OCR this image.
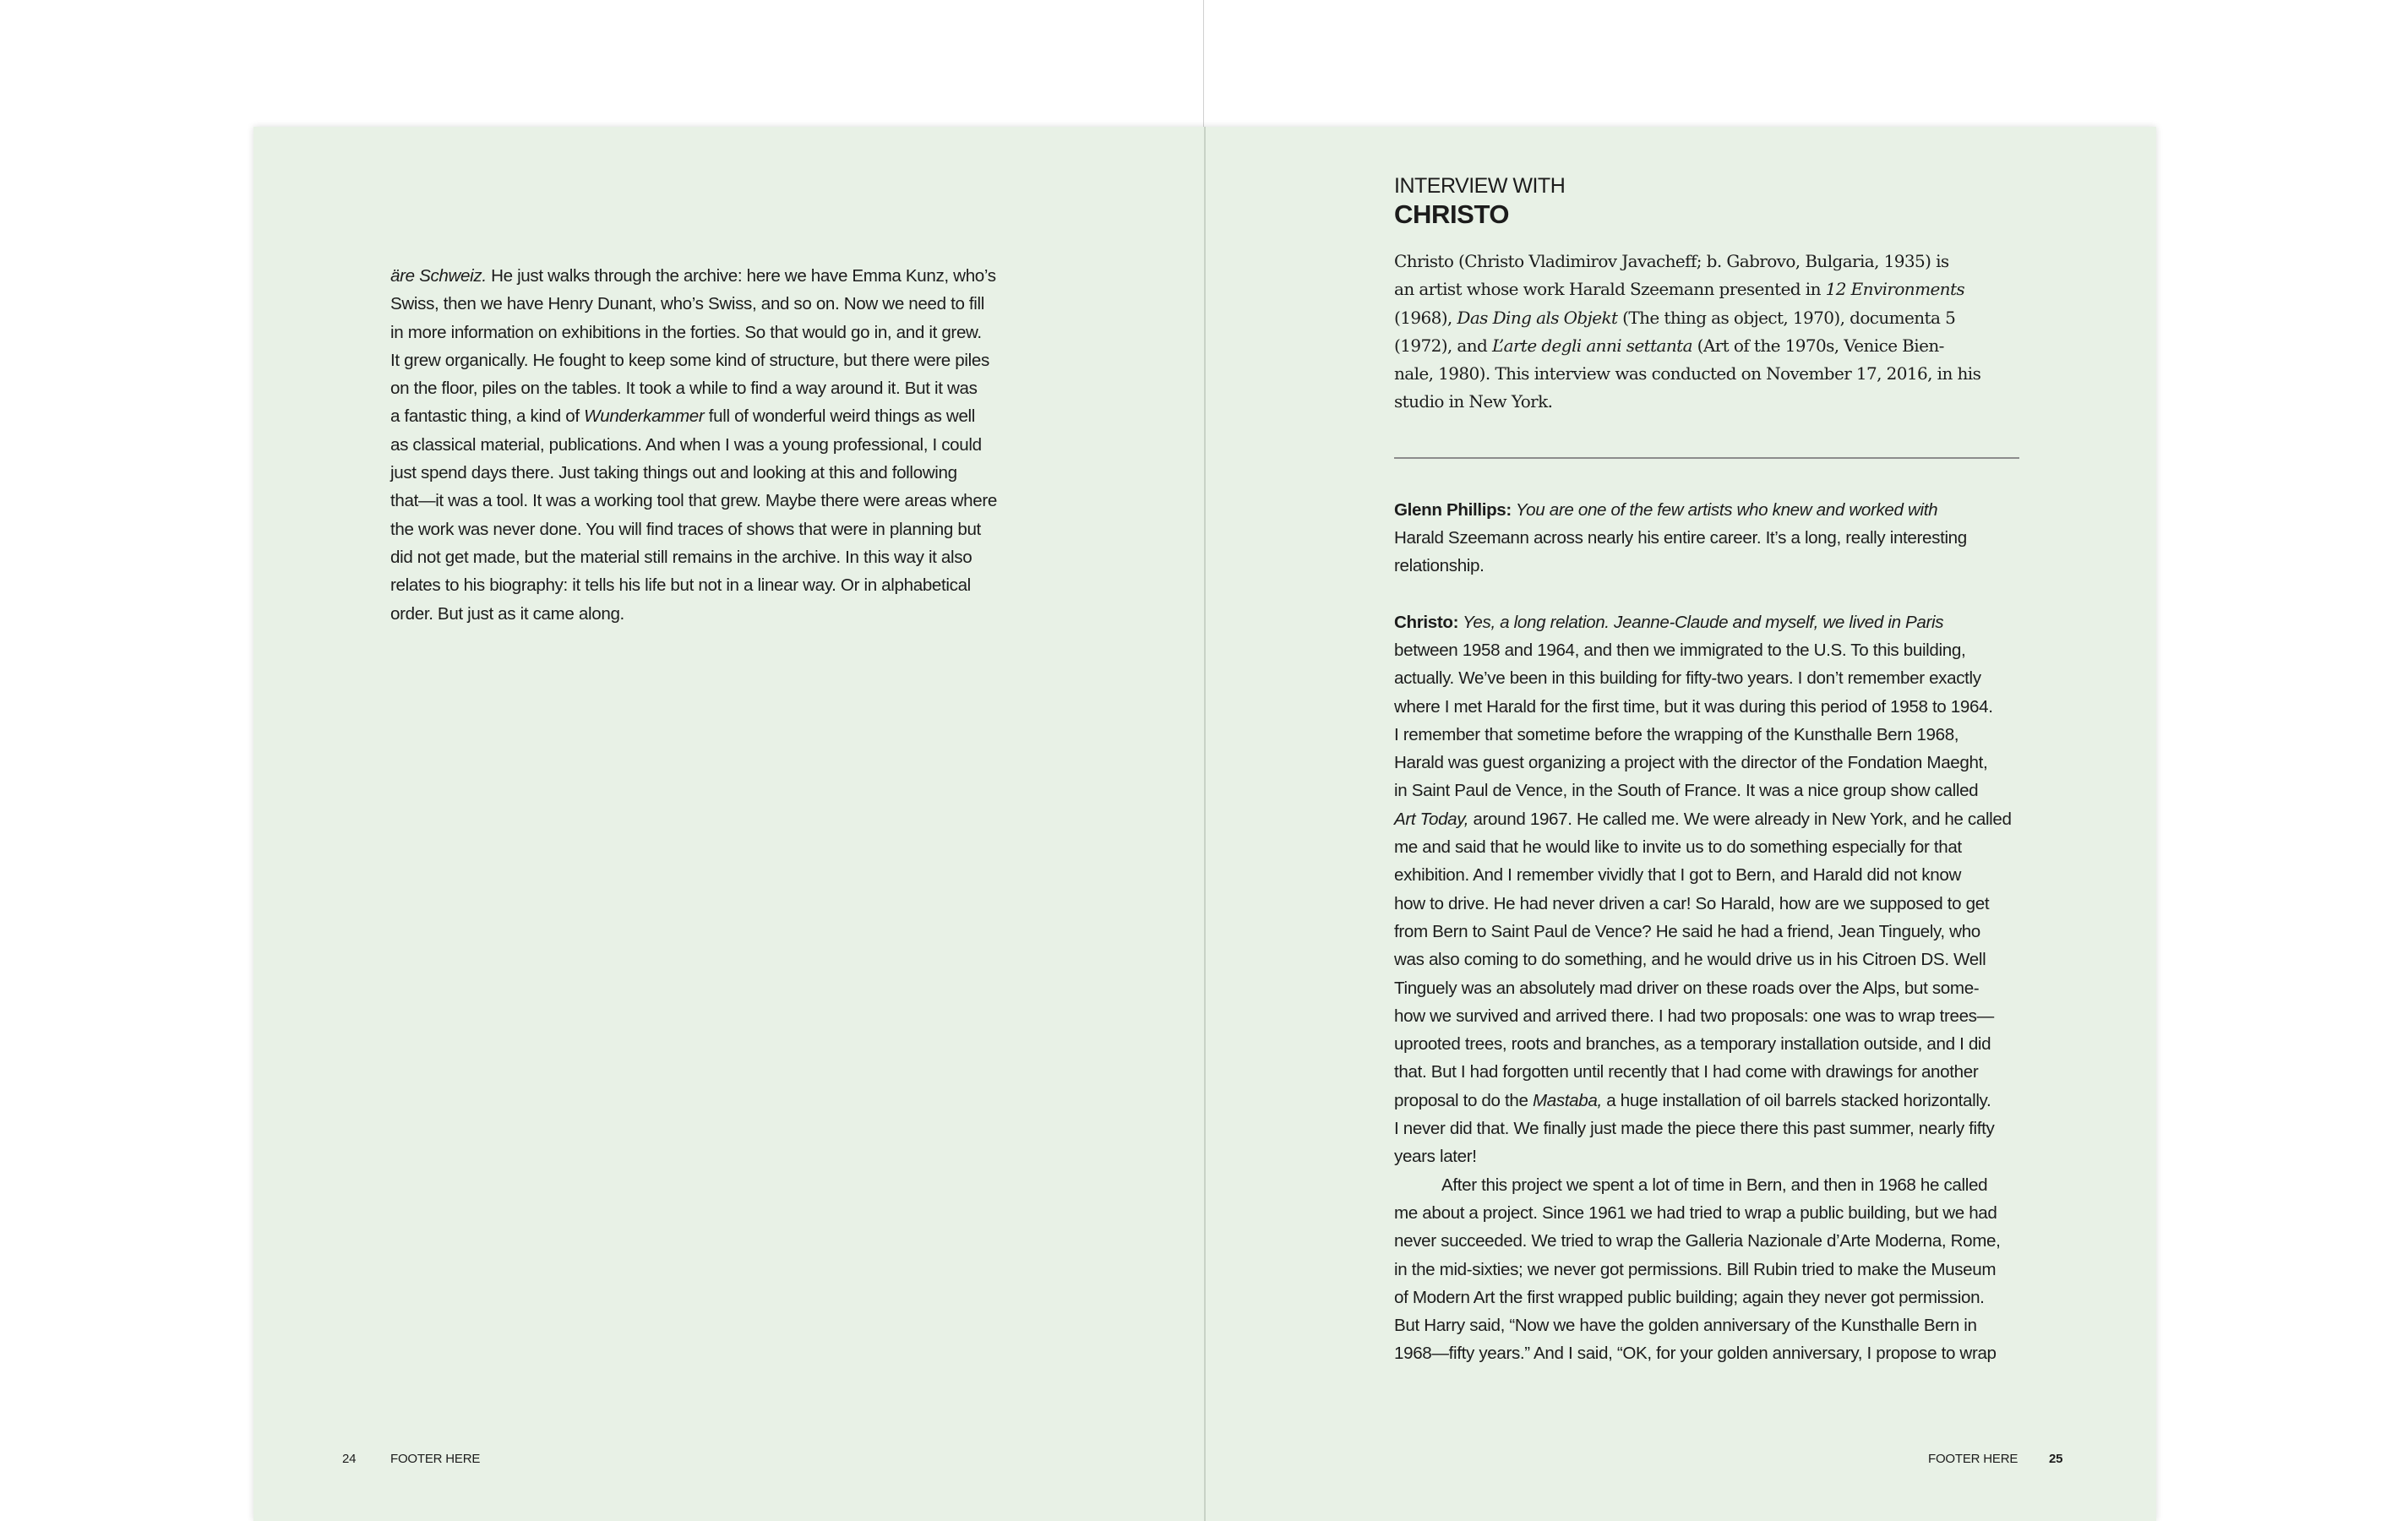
äre Schweiz. He just walks through the archive: here we have Emma Kunz, who’s
Swiss, then we have Henry Dunant, who’s Swiss, and so on. Now we need to fill
in more information on exhibitions in the forties. So that would go in, and it grew.
It grew organically. He fought to keep some kind of structure, but there were piles
on the floor, piles on the tables. It took a while to find a way around it. But it was
a fantastic thing, a kind of Wunderkammer full of wonderful weird things as well
as classical material, publications. And when I was a young professional, I could
just spend days there. Just taking things out and looking at this and following
that—it was a tool. It was a working tool that grew. Maybe there were areas where
the work was never done. You will find traces of shows that were in planning but
did not get made, but the material still remains in the archive. In this way it also
relates to his biography: it tells his life but not in a linear way. Or in alphabetical
order. But just as it came along.

24	FOOTER HERE

INTERVIEW WITH

CHRISTO

Christo (Christo Vladimirov Javacheff; b. Gabrovo, Bulgaria, 1935) is
an artist whose work Harald Szeemann presented in 12 Environments
(1968), Das Ding als Objekt (The thing as object, 1970), documenta 5
(1972), and L’arte degli anni settanta (Art of the 1970s, Venice Bien-
nale, 1980). This interview was conducted on November 17, 2016, in his
studio in New York.

Glenn Phillips: You are one of the few artists who knew and worked with
Harald Szeemann across nearly his entire career. It’s a long, really interesting
relationship.

Christo: Yes, a long relation. Jeanne-Claude and myself, we lived in Paris
between 1958 and 1964, and then we immigrated to the U.S. To this building,
actually. We’ve been in this building for fifty-two years. I don’t remember exactly
where I met Harald for the first time, but it was during this period of 1958 to 1964.
I remember that sometime before the wrapping of the Kunsthalle Bern 1968,
Harald was guest organizing a project with the director of the Fondation Maeght,
in Saint Paul de Vence, in the South of France. It was a nice group show called
Art Today, around 1967. He called me. We were already in New York, and he called
me and said that he would like to invite us to do something especially for that
exhibition. And I remember vividly that I got to Bern, and Harald did not know
how to drive. He had never driven a car! So Harald, how are we supposed to get
from Bern to Saint Paul de Vence? He said he had a friend, Jean Tinguely, who
was also coming to do something, and he would drive us in his Citroen DS. Well
Tinguely was an absolutely mad driver on these roads over the Alps, but some-
how we survived and arrived there. I had two proposals: one was to wrap trees—
uprooted trees, roots and branches, as a temporary installation outside, and I did
that. But I had forgotten until recently that I had come with drawings for another
proposal to do the Mastaba, a huge installation of oil barrels stacked horizontally.
I never did that. We finally just made the piece there this past summer, nearly fifty
years later!

After this project we spent a lot of time in Bern, and then in 1968 he called
me about a project. Since 1961 we had tried to wrap a public building, but we had
never succeeded. We tried to wrap the Galleria Nazionale d’Arte Moderna, Rome,
in the mid-sixties; we never got permissions. Bill Rubin tried to make the Museum
of Modern Art the first wrapped public building; again they never got permission.
But Harry said, “Now we have the golden anniversary of the Kunsthalle Bern in
1968—fifty years.” And I said, “OK, for your golden anniversary, I propose to wrap

FOOTER HERE 25
